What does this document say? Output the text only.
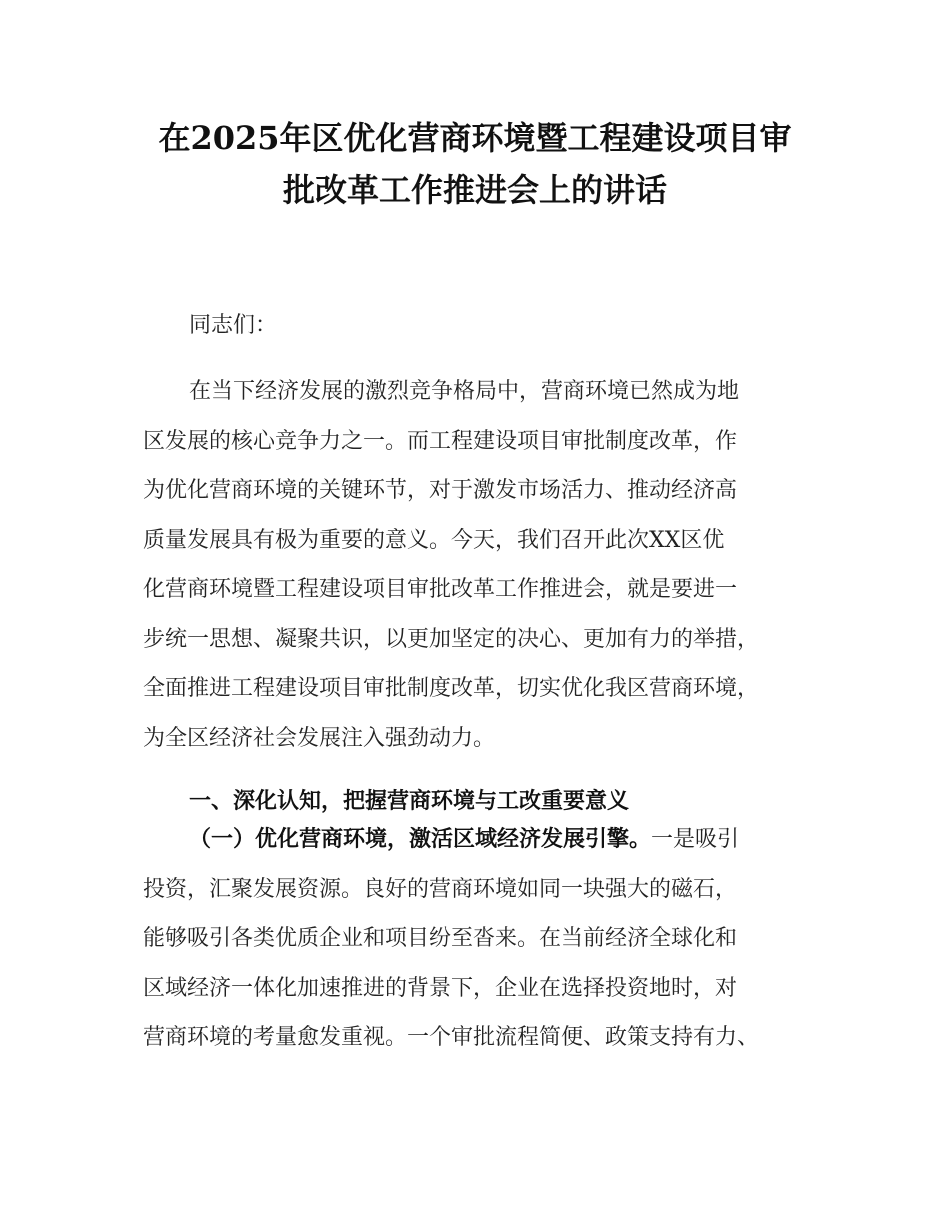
在2025年区优化营商环境暨工程建设项目审
批改革工作推进会上的讲话
同志们：
在当下经济发展的激烈竞争格局中，营商环境已然成为地
区发展的核心竞争力之一。而工程建设项目审批制度改革，作
为优化营商环境的关键环节，对于激发市场活力、推动经济高
质量发展具有极为重要的意义。今天，我们召开此次XX区优
化营商环境暨工程建设项目审批改革工作推进会，就是要进一
步统一思想、凝聚共识，以更加坚定的决心、更加有力的举措，
全面推进工程建设项目审批制度改革，切实优化我区营商环境，
为全区经济社会发展注入强劲动力。
一、深化认知，把握营商环境与工改重要意义
（一）优化营商环境，激活区域经济发展引擎。一是吸引
投资，汇聚发展资源。良好的营商环境如同一块强大的磁石，
能够吸引各类优质企业和项目纷至沓来。在当前经济全球化和
区域经济一体化加速推进的背景下，企业在选择投资地时，对
营商环境的考量愈发重视。一个审批流程简便、政策支持有力、
